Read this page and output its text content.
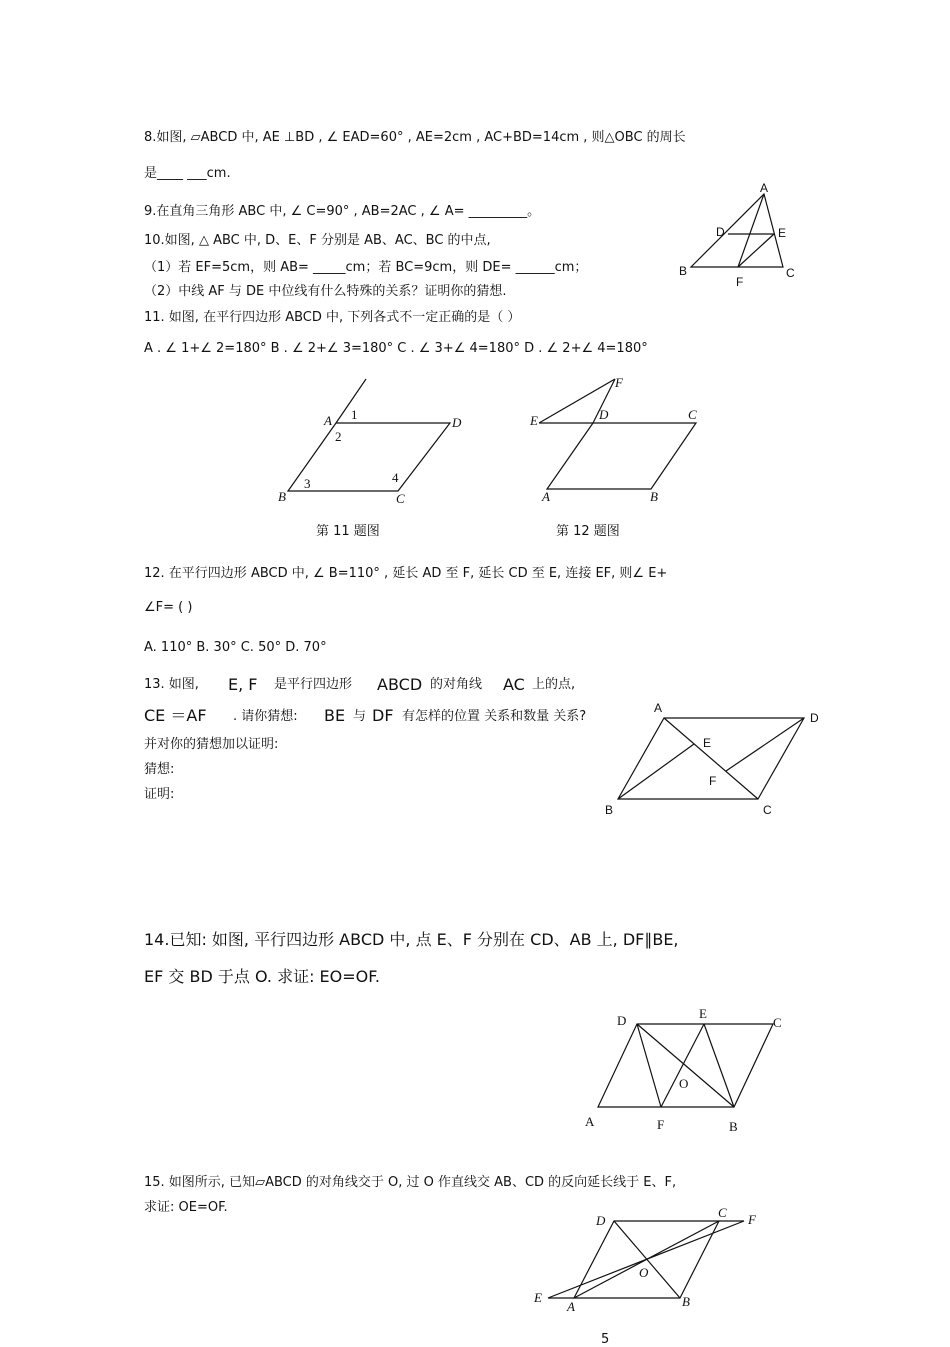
8.如图, ▱ABCD 中, AE ⊥BD , ∠ EAD=60° , AE=2cm , AC+BD=14cm , 则△OBC 的周长
是____ ___cm.
9.在直角三角形 ABC 中, ∠ C=90° , AB=2AC , ∠ A= _________。
10.如图, △ ABC 中, D、E、F 分别是 AB、AC、BC 的中点,
（1）若 EF=5cm，则 AB= _____cm；若 BC=9cm，则 DE= ______cm；
（2）中线 AF 与 DE 中位线有什么特殊的关系？证明你的猜想.
A
D	E
B
F
C
11. 如图, 在平行四边形 ABCD 中, 下列各式不一定正确的是（ ）
A . ∠ 1+∠ 2=180° B . ∠ 2+∠ 3=180° C . ∠ 3+∠ 4=180° D . ∠ 2+∠ 4=180°
A 1
2
D
B
3	4
C
第 11 题图
F
E	D	C
A	B
第 12 题图
12. 在平行四边形 ABCD 中, ∠ B=110° , 延长 AD 至 F, 延长 CD 至 E, 连接 EF, 则∠ E+
∠F= ( )
A. 110° B. 30° C. 50° D. 70°
13. 如图, E, F 是平行四边形 ABCD 的对角线 AC 上的点,
CE ＝AF . 请你猜想: BE 与 DF 有怎样的位置 关系和数量 关系?
并对你的猜想加以证明:
猜想:
证明:
A
D
E
F
B	C
14.已知: 如图, 平行四边形 ABCD 中, 点 E、F 分别在 CD、AB 上, DF∥BE,
EF 交 BD 于点 O. 求证: EO=OF.
D	E
C
O
A	F	B
15. 如图所示, 已知▱ABCD 的对角线交于 O, 过 O 作直线交 AB、CD 的反向延长线于 E、F,
求证: OE=OF.
D
C F
O
E
A	B
5
